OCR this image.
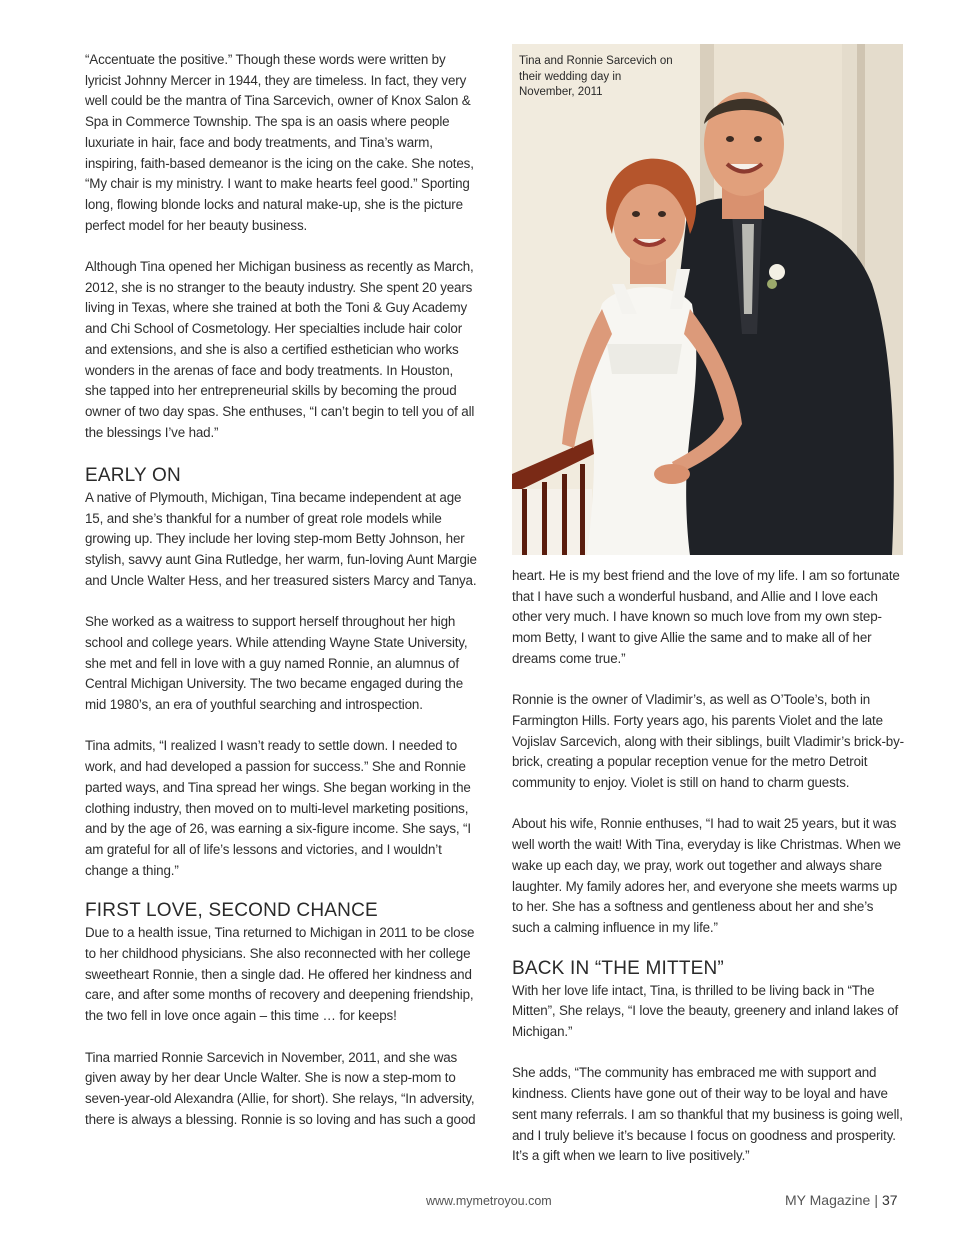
“Accentuate the positive.” Though these words were written by lyricist Johnny Mercer in 1944, they are timeless. In fact, they very well could be the mantra of Tina Sarcevich, owner of Knox Salon & Spa in Commerce Township. The spa is an oasis where people luxuriate in hair, face and body treatments, and Tina’s warm, inspiring, faith-based demeanor is the icing on the cake. She notes, “My chair is my ministry. I want to make hearts feel good.” Sporting long, flowing blonde locks and natural make-up, she is the picture perfect model for her beauty business.

Although Tina opened her Michigan business as recently as March, 2012, she is no stranger to the beauty industry. She spent 20 years living in Texas, where she trained at both the Toni & Guy Academy and Chi School of Cosmetology. Her specialties include hair color and extensions, and she is also a certified esthetician who works wonders in the arenas of face and body treatments. In Houston, she tapped into her entrepreneurial skills by becoming the proud owner of two day spas. She enthuses, “I can’t begin to tell you of all the blessings I’ve had.”

EARLY ON

A native of Plymouth, Michigan, Tina became independent at age 15, and she’s thankful for a number of great role models while growing up. They include her loving step-mom Betty Johnson, her stylish, savvy aunt Gina Rutledge, her warm, fun-loving Aunt Margie and Uncle Walter Hess, and her treasured sisters Marcy and Tanya.

She worked as a waitress to support herself throughout her high school and college years. While attending Wayne State University, she met and fell in love with a guy named Ronnie, an alumnus of Central Michigan University. The two became engaged during the mid 1980’s, an era of youthful searching and introspection.

Tina admits, “I realized I wasn’t ready to settle down. I needed to work, and had developed a passion for success.” She and Ronnie parted ways, and Tina spread her wings. She began working in the clothing industry, then moved on to multi-level marketing positions, and by the age of 26, was earning a six-figure income. She says, “I am grateful for all of life’s lessons and victories, and I wouldn’t change a thing.”

FIRST LOVE, SECOND CHANCE

Due to a health issue, Tina returned to Michigan in 2011 to be close to her childhood physicians. She also reconnected with her college sweetheart Ronnie, then a single dad. He offered her kindness and care, and after some months of recovery and deepening friendship, the two fell in love once again – this time … for keeps!

Tina married Ronnie Sarcevich in November, 2011, and she was given away by her dear Uncle Walter. She is now a step-mom to seven-year-old Alexandra (Allie, for short). She relays, “In adversity, there is always a blessing. Ronnie is so loving and has such a good

Tina and Ronnie Sarcevich on their wedding day in November, 2011

heart. He is my best friend and the love of my life. I am so fortunate that I have such a wonderful husband, and Allie and I love each other very much. I have known so much love from my own step-mom Betty, I want to give Allie the same and to make all of her dreams come true.”

Ronnie is the owner of Vladimir’s, as well as O’Toole’s, both in Farmington Hills. Forty years ago, his parents Violet and the late Vojislav Sarcevich, along with their siblings, built Vladimir’s brick-by-brick, creating a popular reception venue for the metro Detroit community to enjoy. Violet is still on hand to charm guests.

About his wife, Ronnie enthuses, “I had to wait 25 years, but it was well worth the wait! With Tina, everyday is like Christmas. When we wake up each day, we pray, work out together and always share laughter. My family adores her, and everyone she meets warms up to her. She has a softness and gentleness about her and she’s such a calming influence in my life.”

BACK IN “THE MITTEN”

With her love life intact, Tina, is thrilled to be living back in “The Mitten”, She relays, “I love the beauty, greenery and inland lakes of Michigan.”

She adds, “The community has embraced me with support and kindness. Clients have gone out of their way to be loyal and have sent many referrals. I am so thankful that my business is going well, and I truly believe it’s because I focus on goodness and prosperity. It’s a gift when we learn to live positively.”

www.mymetroyou.com	MY Magazine | 37
